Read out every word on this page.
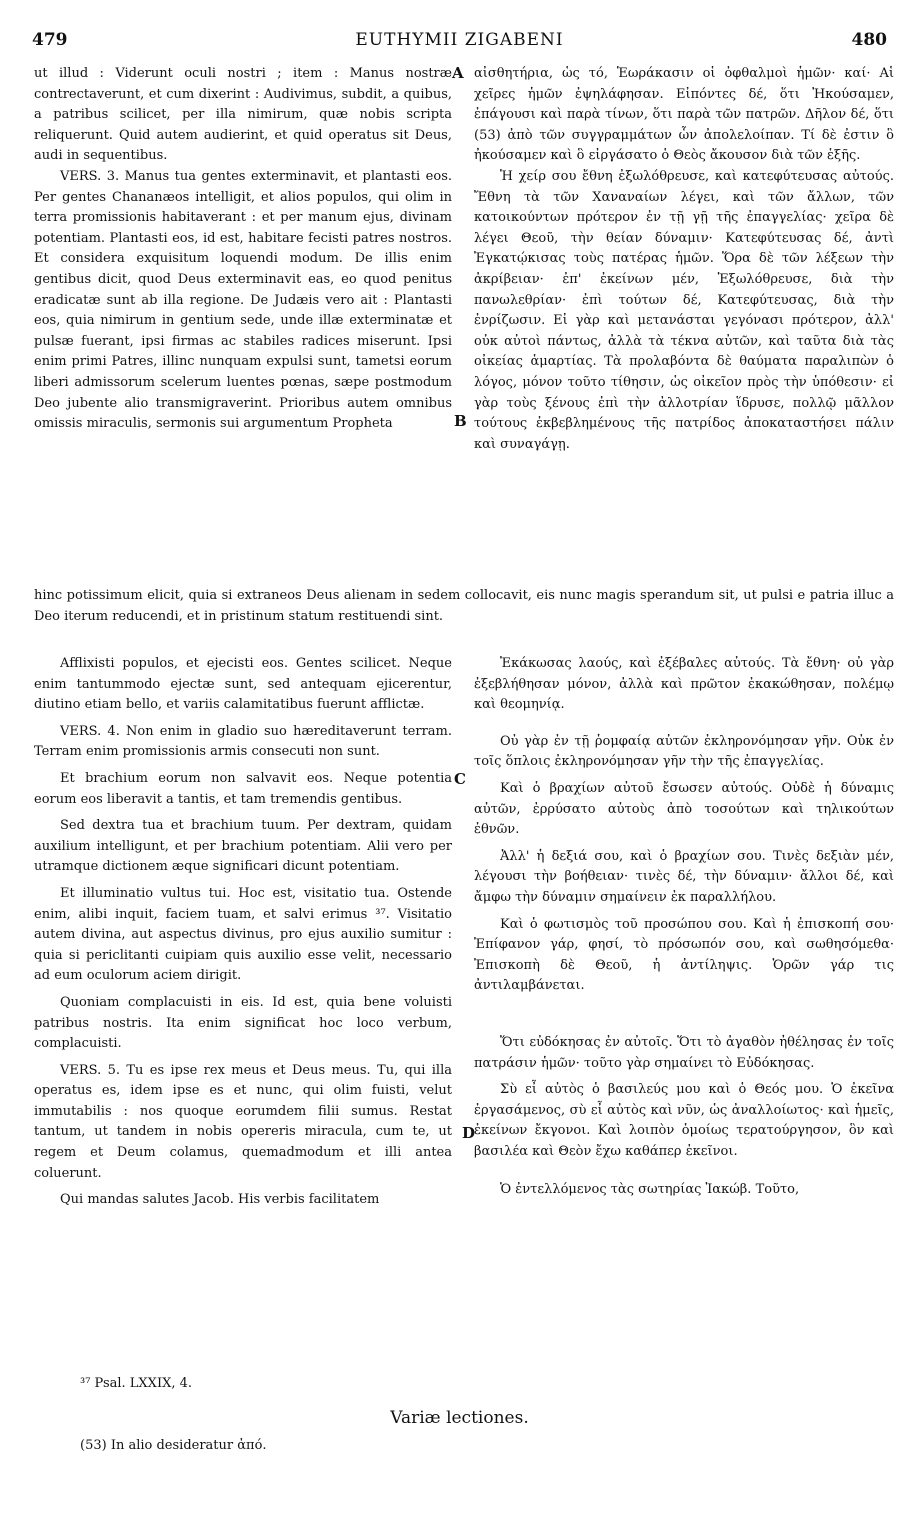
479	EUTHYMII ZIGABENI	480

ut illud : Viderunt oculi nostri ; item : Manus nostræ contrectaverunt, et cum dixerint : Audivimus, subdit, a quibus, a patribus scilicet, per illa nimirum, quæ nobis scripta reliquerunt. Quid autem audierint, et quid operatus sit Deus, audi in sequentibus.

VERS. 3. Manus tua gentes exterminavit, et plantasti eos. Per gentes Chananæos intelligit, et alios populos, qui olim in terra promissionis habitaverant : et per manum ejus, divinam potentiam. Plantasti eos, id est, habitare fecisti patres nostros. Et considera exquisitum loquendi modum. De illis enim gentibus dicit, quod Deus exterminavit eas, eo quod penitus eradicatæ sunt ab illa regione. De Judæis vero ait : Plantasti eos, quia nimirum in gentium sede, unde illæ exterminatæ et pulsæ fuerant, ipsi firmas ac stabiles radices miserunt. Ipsi enim primi Patres, illinc nunquam expulsi sunt, tametsi eorum liberi admissorum scelerum luentes pœnas, sæpe postmodum Deo jubente alio transmigraverint. Prioribus autem omnibus omissis miraculis, sermonis sui argumentum Propheta

αἰσθητήρια, ὡς τό, Ἑωράκασιν οἱ ὀφθαλμοὶ ἡμῶν· καί· Αἱ χεῖρες ἡμῶν ἐψηλάφησαν. Εἰπόντες δέ, ὅτι Ἠκούσαμεν, ἐπάγουσι καὶ παρὰ τίνων, ὅτι παρὰ τῶν πατρῶν. Δῆλον δέ, ὅτι (53) ἀπὸ τῶν συγγραμμάτων ὧν ἀπολελοίπαν. Τί δὲ ἐστιν ὃ ἠκούσαμεν καὶ ὃ εἰργάσατο ὁ Θεὸς ἄκουσον διὰ τῶν ἑξῆς.

Ἡ χείρ σου ἔθνη ἐξωλόθρευσε, καὶ κατεφύτευσας αὐτούς. Ἔθνη τὰ τῶν Χαναναίων λέγει, καὶ τῶν ἄλλων, τῶν κατοικούντων πρότερον ἐν τῇ γῇ τῆς ἐπαγγελίας· χεῖρα δὲ λέγει Θεοῦ, τὴν θείαν δύναμιν· Κατεφύτευσας δέ, ἀντὶ Ἐγκατῴκισας τοὺς πατέρας ἡμῶν. Ὅρα δὲ τῶν λέξεων τὴν ἀκρίβειαν· ἐπ' ἐκείνων μέν, Ἐξωλόθρευσε, διὰ τὴν πανωλεθρίαν· ἐπὶ τούτων δέ, Κατεφύτευσας, διὰ τὴν ἐνρίζωσιν. Εἰ γὰρ καὶ μετανάσται γεγόνασι πρότερον, ἀλλ' οὐκ αὐτοὶ πάντως, ἀλλὰ τὰ τέκνα αὐτῶν, καὶ ταῦτα διὰ τὰς οἰκείας ἁμαρτίας. Τὰ προλαβόντα δὲ θαύματα παραλιπὼν ὁ λόγος, μόνον τοῦτο τίθησιν, ὡς οἰκεῖον πρὸς τὴν ὑπόθεσιν· εἰ γὰρ τοὺς ξένους ἐπὶ τὴν ἀλλοτρίαν ἵδρυσε, πολλῷ μᾶλλον τούτους ἐκβεβλημένους τῆς πατρίδος ἀποκαταστήσει πάλιν καὶ συναγάγῃ.

A
B
hinc potissimum elicit, quia si extraneos Deus alienam in sedem collocavit, eis nunc magis sperandum sit, ut pulsi e patria illuc a Deo iterum reducendi, et in pristinum statum restituendi sint.

Afflixisti populos, et ejecisti eos. Gentes scilicet. Neque enim tantummodo ejectæ sunt, sed antequam ejicerentur, diutino etiam bello, et variis calamitatibus fuerunt afflictæ.

VERS. 4. Non enim in gladio suo hæreditaverunt terram. Terram enim promissionis armis consecuti non sunt.

Et brachium eorum non salvavit eos. Neque potentia eorum eos liberavit a tantis, et tam tremendis gentibus.

Sed dextra tua et brachium tuum. Per dextram, quidam auxilium intelligunt, et per brachium potentiam. Alii vero per utramque dictionem æque significari dicunt potentiam.

Et illuminatio vultus tui. Hoc est, visitatio tua. Ostende enim, alibi inquit, faciem tuam, et salvi erimus ³⁷. Visitatio autem divina, aut aspectus divinus, pro ejus auxilio sumitur : quia si periclitanti cuipiam quis auxilio esse velit, necessario ad eum oculorum aciem dirigit.

Quoniam complacuisti in eis. Id est, quia bene voluisti patribus nostris. Ita enim significat hoc loco verbum, complacuisti.

VERS. 5. Tu es ipse rex meus et Deus meus. Tu, qui illa operatus es, idem ipse es et nunc, qui olim fuisti, velut immutabilis : nos quoque eorumdem filii sumus. Restat tantum, ut tandem in nobis opereris miracula, cum te, ut regem et Deum colamus, quemadmodum et illi antea coluerunt.

Qui mandas salutes Jacob. His verbis facilitatem

Ἐκάκωσας λαούς, καὶ ἐξέβαλες αὐτούς. Τὰ ἔθνη· οὐ γὰρ ἐξεβλήθησαν μόνον, ἀλλὰ καὶ πρῶτον ἐκακώθησαν, πολέμῳ καὶ θεομηνίᾳ.

Οὐ γὰρ ἐν τῇ ῥομφαίᾳ αὐτῶν ἐκληρονόμησαν γῆν. Οὐκ ἐν τοῖς ὅπλοις ἐκληρονόμησαν γῆν τὴν τῆς ἐπαγγελίας.

Καὶ ὁ βραχίων αὐτοῦ ἔσωσεν αὐτούς. Οὐδὲ ἡ δύναμις αὐτῶν, ἐρρύσατο αὐτοὺς ἀπὸ τοσούτων καὶ τηλικούτων ἐθνῶν.

Ἀλλ' ἡ δεξιά σου, καὶ ὁ βραχίων σου. Τινὲς δεξιὰν μέν, λέγουσι τὴν βοήθειαν· τινὲς δέ, τὴν δύναμιν· ἄλλοι δέ, καὶ ἄμφω τὴν δύναμιν σημαίνειν ἐκ παραλλήλου.

Καὶ ὁ φωτισμὸς τοῦ προσώπου σου. Καὶ ἡ ἐπισκοπή σου· Ἐπίφανον γάρ, φησί, τὸ πρόσωπόν σου, καὶ σωθησόμεθα· Ἐπισκοπὴ δὲ Θεοῦ, ἡ ἀντίληψις. Ὁρῶν γάρ τις ἀντιλαμβάνεται.

Ὅτι εὐδόκησας ἐν αὐτοῖς. Ὅτι τὸ ἀγαθὸν ἠθέλησας ἐν τοῖς πατράσιν ἡμῶν· τοῦτο γὰρ σημαίνει τὸ Εὐδόκησας.

Σὺ εἶ αὐτὸς ὁ βασιλεύς μου καὶ ὁ Θεός μου. Ὁ ἐκεῖνα ἐργασάμενος, σὺ εἶ αὐτὸς καὶ νῦν, ὡς ἀναλλοίωτος· καὶ ἡμεῖς, ἐκείνων ἔκγονοι. Καὶ λοιπὸν ὁμοίως τερατούργησον, ὃν καὶ βασιλέα καὶ Θεὸν ἔχω καθάπερ ἐκεῖνοι.

Ὁ ἐντελλόμενος τὰς σωτηρίας Ἰακώβ. Τοῦτο,

C
D
³⁷ Psal. LXXIX, 4.
Variæ lectiones.
(53) In alio desideratur ἀπό.
